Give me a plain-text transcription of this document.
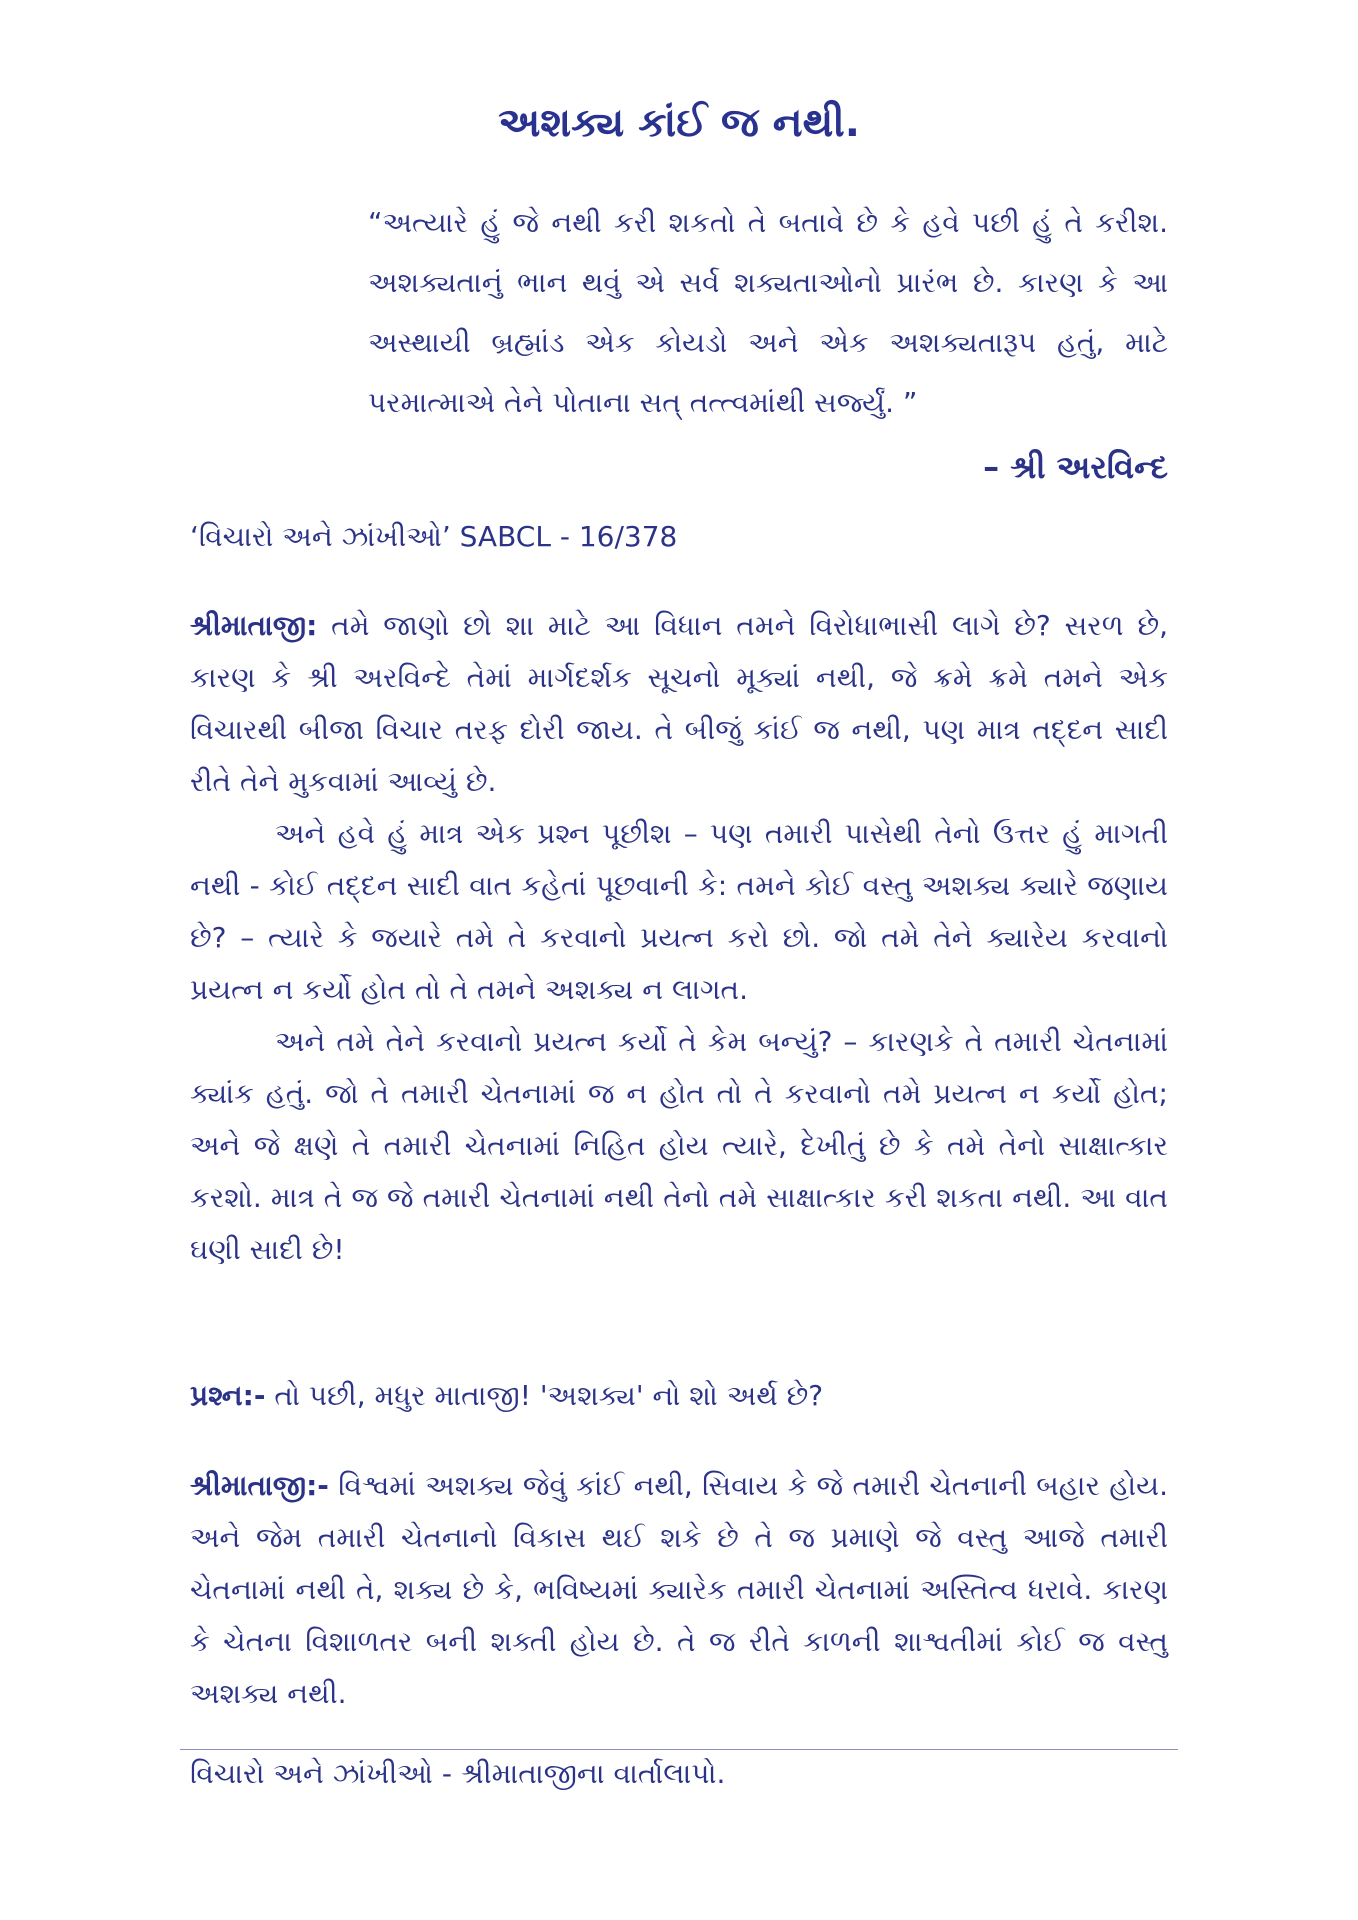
અશક્ય કાંઈ જ નથી.

“અત્યારે હું જે નથી કરી શકતો તે બતાવે છે કે હવે પછી હું તે કરીશ. અશક્યતાનું ભાન થવું એ સર્વ શક્યતાઓનો પ્રારંભ છે. કારણ કે આ અસ્થાયી બ્રહ્માંડ એક કોયડો અને એક અશક્યતારૂપ હતું, માટે પરમાત્માએ તેને પોતાના સત્ તત્ત્વમાંથી સર્જ્યું. ”

– શ્રી અરવિન્દ
‘વિચારો અને ઝાંખીઓ’ SABCL - 16/378

શ્રીમાતાજી: તમે જાણો છો શા માટે આ વિધાન તમને વિરોધાભાસી લાગે છે? સરળ છે, કારણ કે શ્રી અરવિન્દે તેમાં માર્ગદર્શક સૂચનો મૂક્યાં નથી, જે ક્રમે ક્રમે તમને એક વિચારથી બીજા વિચાર તરફ દોરી જાય. તે બીજું કાંઈ જ નથી, પણ માત્ર તદ્દન સાદી રીતે તેને મુકવામાં આવ્યું છે.

અને હવે હું માત્ર એક પ્રશ્ન પૂછીશ – પણ તમારી પાસેથી તેનો ઉત્તર હું માગતી નથી - કોઈ તદ્દન સાદી વાત કહેતાં પૂછવાની કે: તમને કોઈ વસ્તુ અશક્ય ક્યારે જણાય છે? – ત્યારે કે જયારે તમે તે કરવાનો પ્રયત્ન કરો છો. જો તમે તેને ક્યારેય કરવાનો પ્રયત્ન ન કર્યો હોત તો તે તમને અશક્ય ન લાગત.

અને તમે તેને કરવાનો પ્રયત્ન કર્યો તે કેમ બન્યું? – કારણકે તે તમારી ચેતનામાં ક્યાંક હતું. જો તે તમારી ચેતનામાં જ ન હોત તો તે કરવાનો તમે પ્રયત્ન ન કર્યો હોત; અને જે ક્ષણે તે તમારી ચેતનામાં નિહિત હોય ત્યારે, દેખીતું છે કે તમે તેનો સાક્ષાત્કાર કરશો. માત્ર તે જ જે તમારી ચેતનામાં નથી તેનો તમે સાક્ષાત્કાર કરી શકતા નથી. આ વાત ઘણી સાદી છે!

પ્રશ્ન:- તો પછી, મધુર માતાજી! 'અશક્ય' નો શો અર્થ છે?

શ્રીમાતાજી:- વિશ્વમાં અશક્ય જેવું કાંઈ નથી, સિવાય કે જે તમારી ચેતનાની બહાર હોય. અને જેમ તમારી ચેતનાનો વિકાસ થઈ શકે છે તે જ પ્રમાણે જે વસ્તુ આજે તમારી ચેતનામાં નથી તે, શક્ય છે કે, ભવિષ્યમાં ક્યારેક તમારી ચેતનામાં અસ્તિત્વ ધરાવે. કારણ કે ચેતના વિશાળતર બની શક્તી હોય છે. તે જ રીતે કાળની શાશ્વતીમાં કોઈ જ વસ્તુ અશક્ય નથી.

વિચારો અને ઝાંખીઓ - શ્રીમાતાજીના વાર્તાલાપો.
